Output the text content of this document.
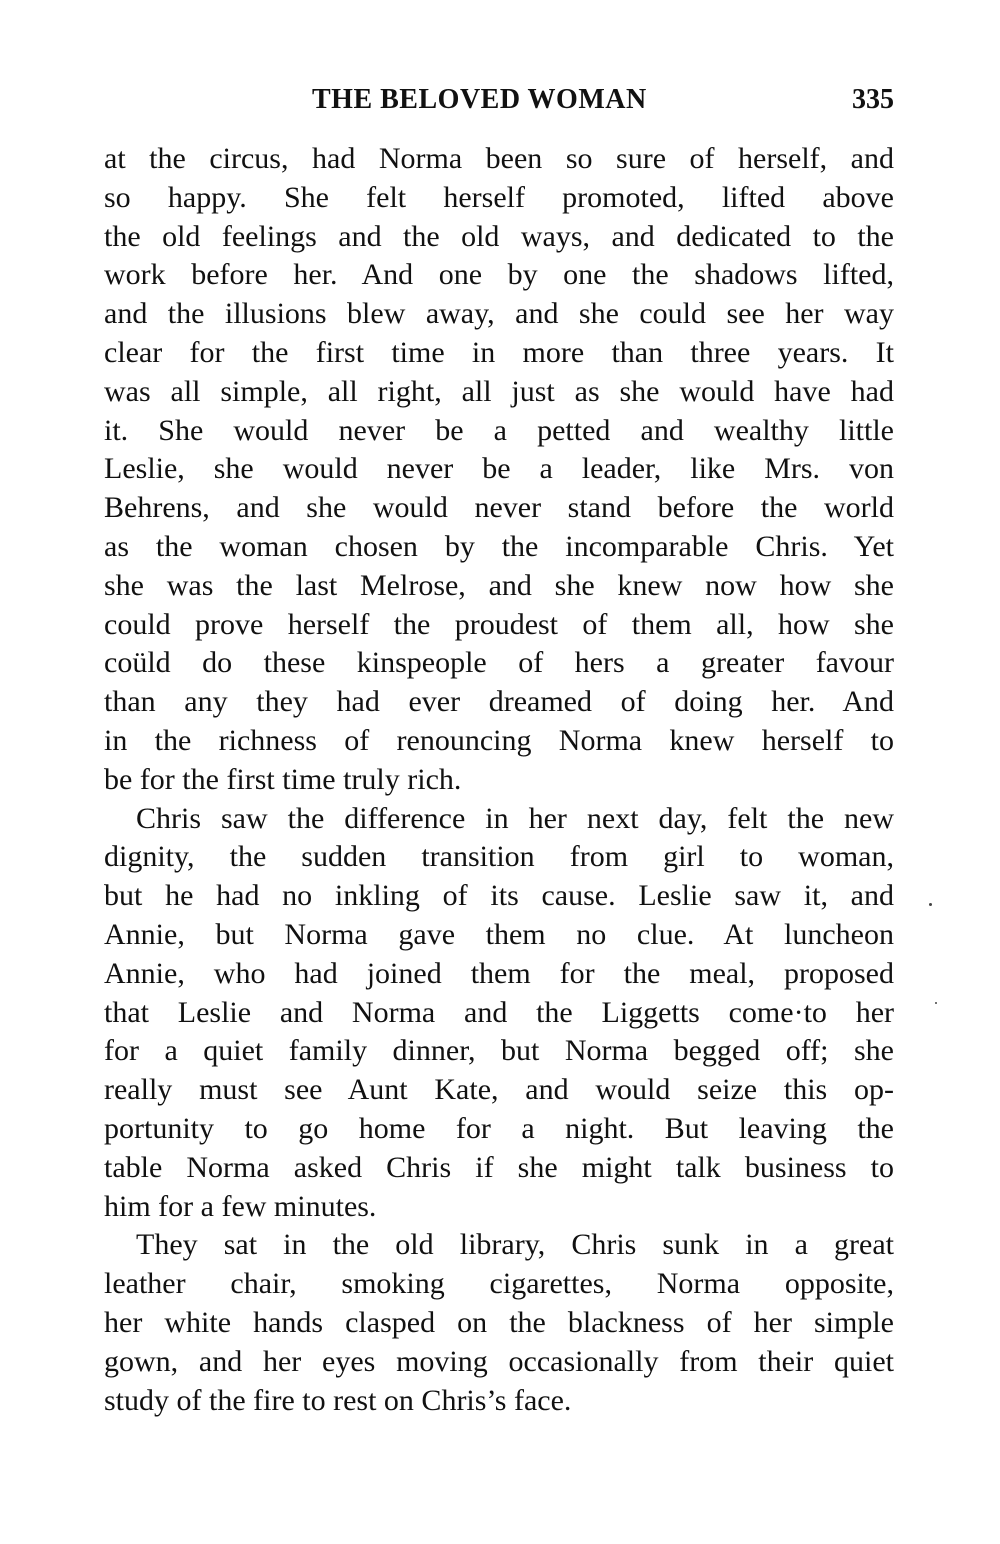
THE BELOVED WOMAN	335
at the circus, had Norma been so sure of herself, and
so happy. She felt herself promoted, lifted above
the old feelings and the old ways, and dedicated to the
work before her. And one by one the shadows lifted,
and the illusions blew away, and she could see her way
clear for the first time in more than three years. It
was all simple, all right, all just as she would have had
it. She would never be a petted and wealthy little
Leslie, she would never be a leader, like Mrs. von
Behrens, and she would never stand before the world
as the woman chosen by the incomparable Chris. Yet
she was the last Melrose, and she knew now how she
could prove herself the proudest of them all, how she
coüld do these kinspeople of hers a greater favour
than any they had ever dreamed of doing her. And
in the richness of renouncing Norma knew herself to
be for the first time truly rich.
Chris saw the difference in her next day, felt the new
dignity, the sudden transition from girl to woman,
but he had no inkling of its cause. Leslie saw it, and
Annie, but Norma gave them no clue. At luncheon
Annie, who had joined them for the meal, proposed
that Leslie and Norma and the Liggetts come·to her
for a quiet family dinner, but Norma begged off; she
really must see Aunt Kate, and would seize this op-
portunity to go home for a night. But leaving the
table Norma asked Chris if she might talk business to
him for a few minutes.
They sat in the old library, Chris sunk in a great
leather chair, smoking cigarettes, Norma opposite,
her white hands clasped on the blackness of her simple
gown, and her eyes moving occasionally from their quiet
study of the fire to rest on Chris’s face.
